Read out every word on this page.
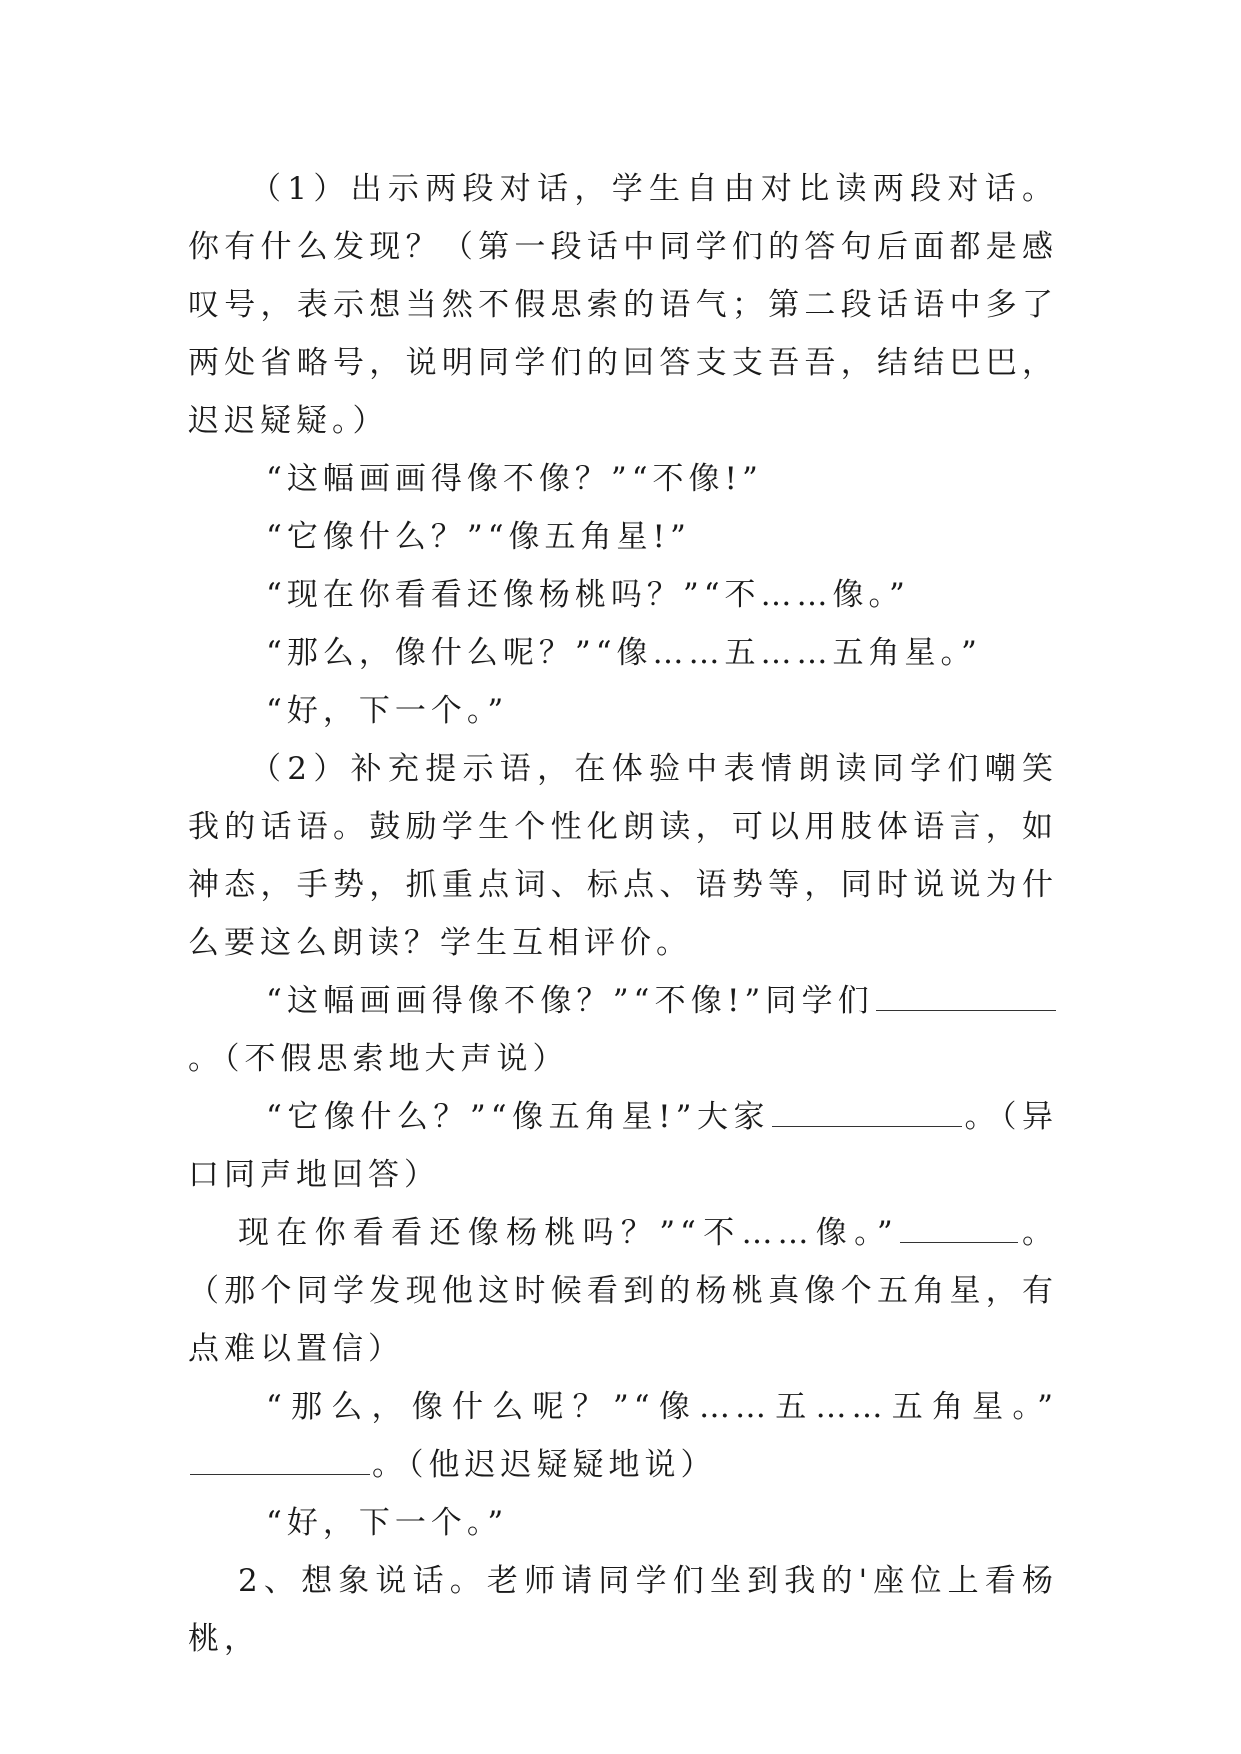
（1）出示两段对话，学生自由对比读两段对话。你有什么发现？（第一段话中同学们的答句后面都是感叹号，表示想当然不假思索的语气；第二段话语中多了两处省略号，说明同学们的回答支支吾吾，结结巴巴，迟迟疑疑。）

“这幅画画得像不像？”“不像!”

“它像什么？”“像五角星!”

“现在你看看还像杨桃吗？”“不……像。”

“那么，像什么呢？”“像……五……五角星。”

“好，下一个。”

（2）补充提示语，在体验中表情朗读同学们嘲笑我的话语。鼓励学生个性化朗读，可以用肢体语言，如神态，手势，抓重点词、标点、语势等，同时说说为什么要这么朗读？学生互相评价。

“这幅画画得像不像？”“不像!”同学们。（不假思索地大声说）

“它像什么？”“像五角星!”大家	。（异口同声地回答）

现在你看看还像杨桃吗？”“不……像。”	。（那个同学发现他这时候看到的杨桃真像个五角星，有点难以置信）

“那么，像什么呢？”“像……五……五角星。”。（他迟迟疑疑地说）

“好，下一个。”

2、想象说话。老师请同学们坐到我的'座位上看杨桃，
